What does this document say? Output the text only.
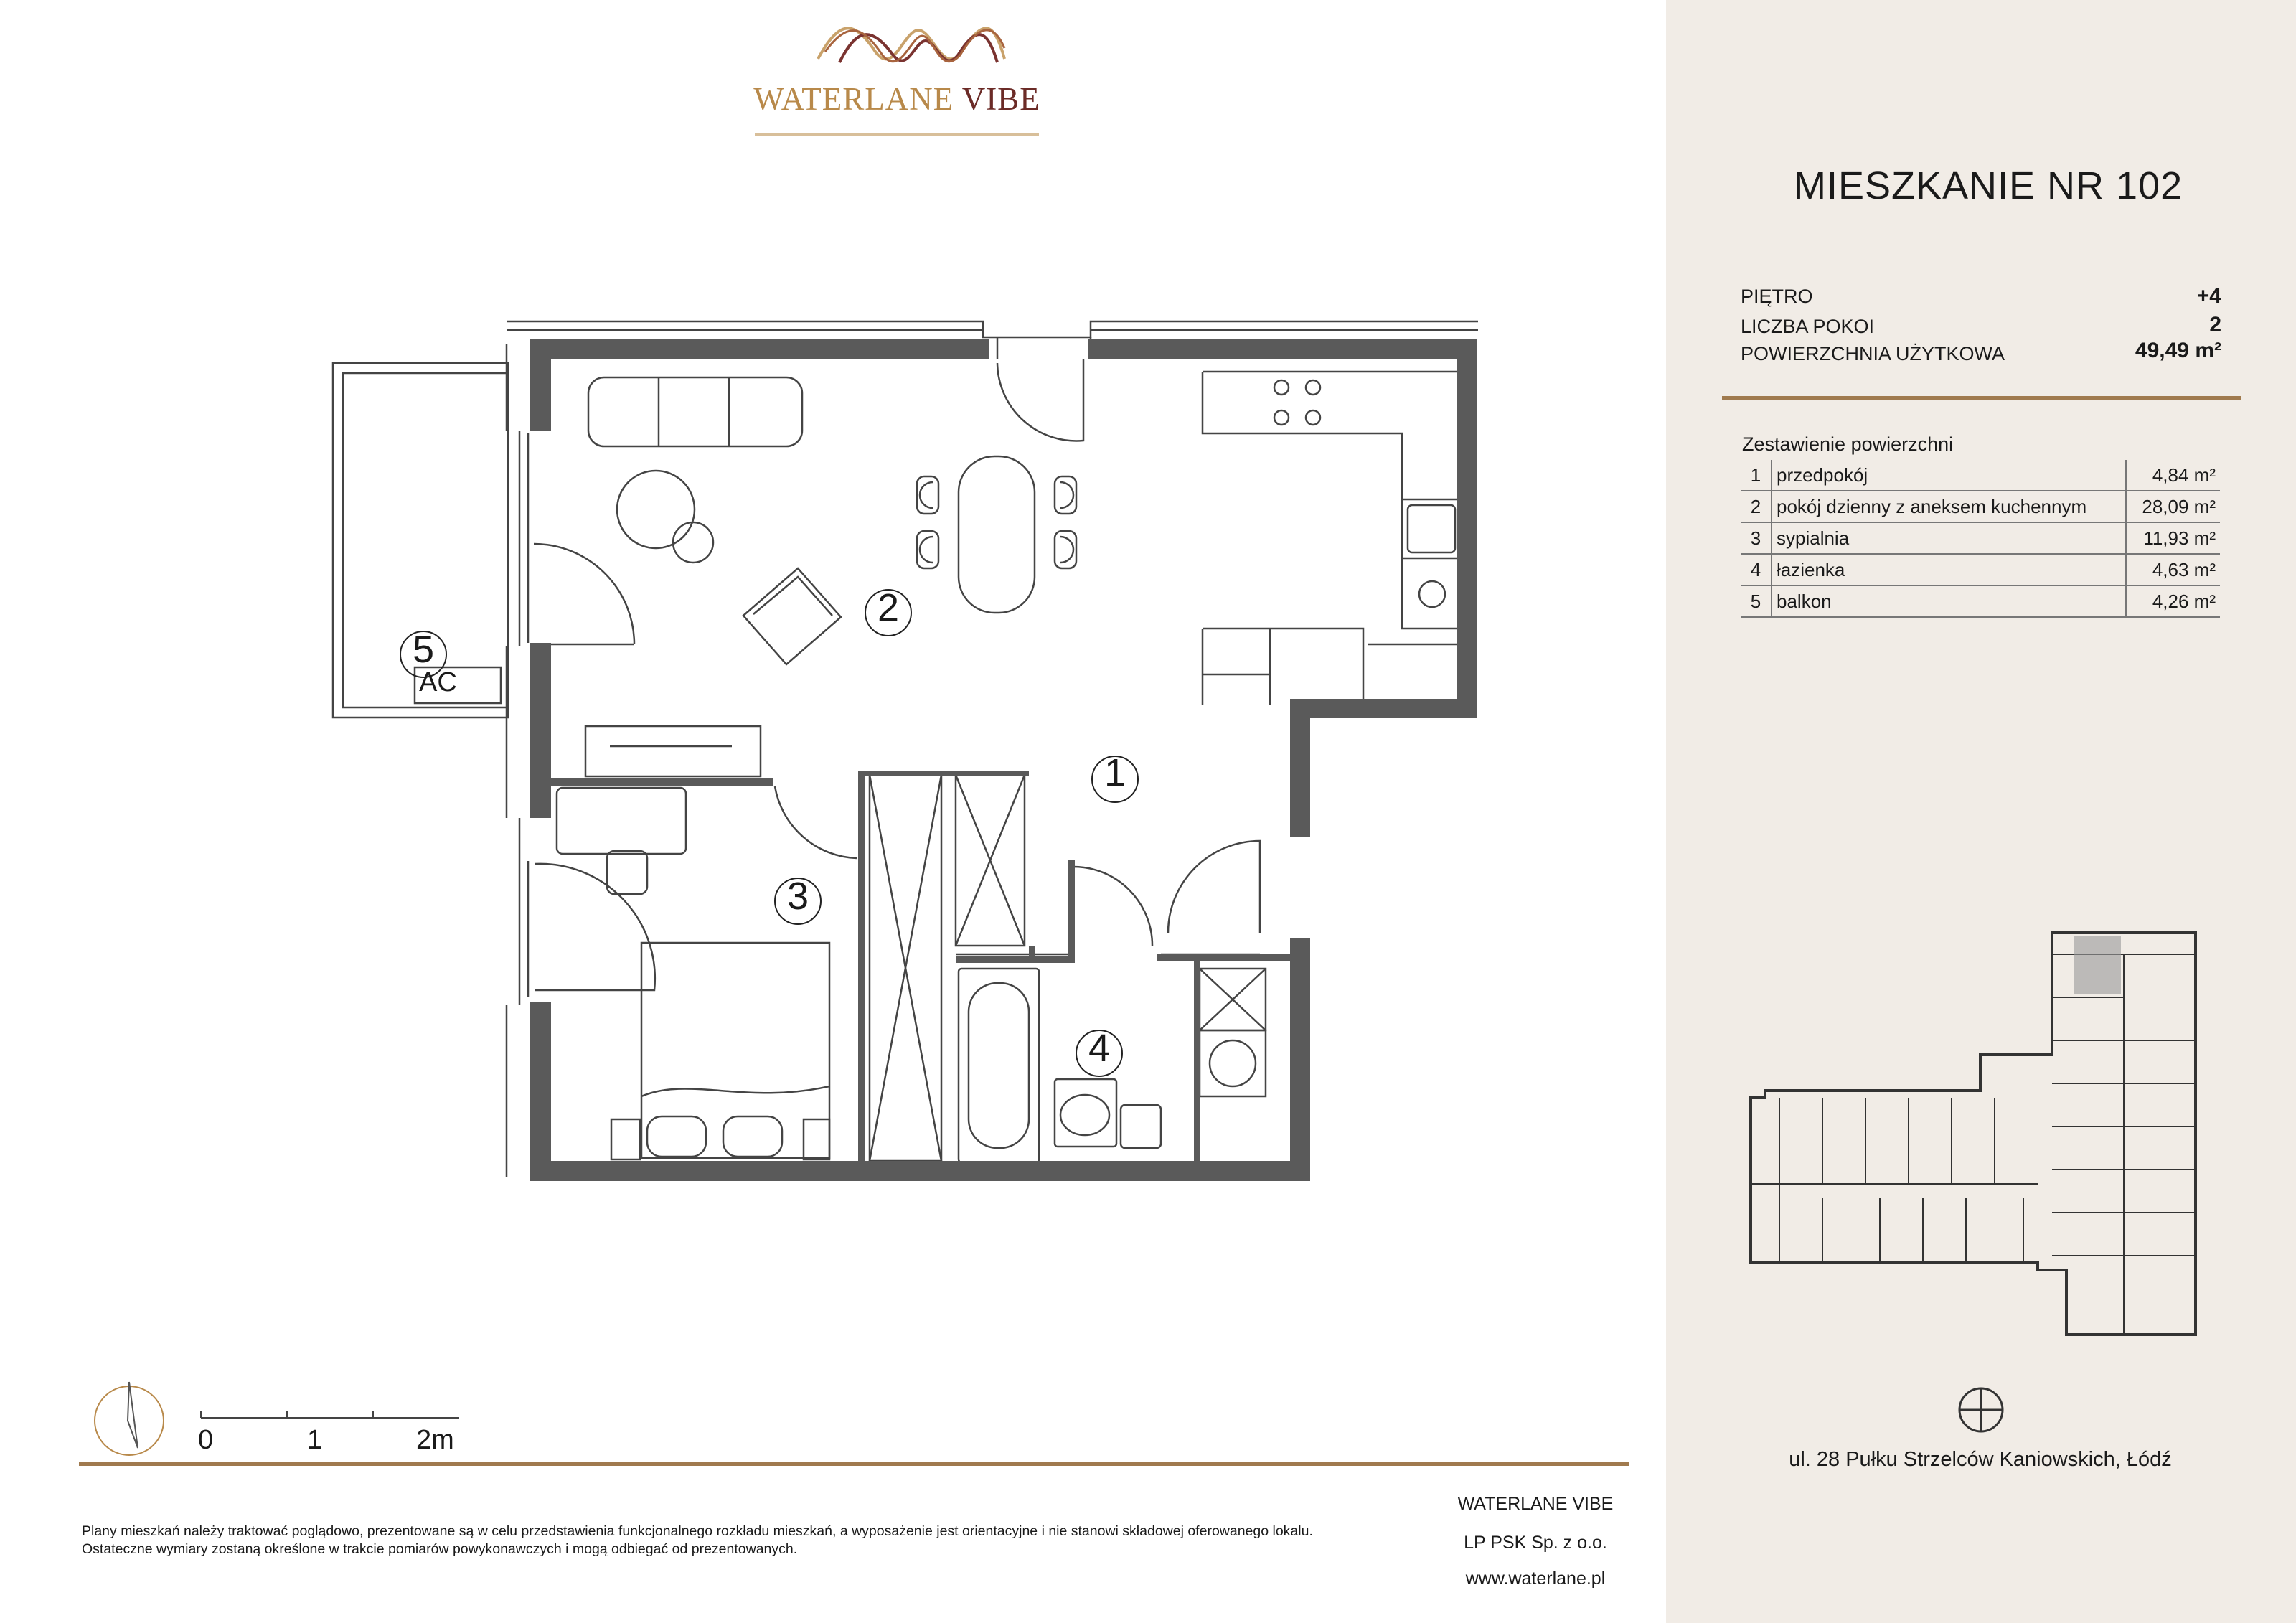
WATERLANE VIBE
1
2
3
4
5
AC
0	1	2m
Plany mieszkań należy traktować poglądowo, prezentowane są w celu przedstawienia funkcjonalnego rozkładu mieszkań, a wyposażenie jest orientacyjne i nie stanowi składowej oferowanego lokalu.
Ostateczne wymiary zostaną określone w trakcie pomiarów powykonawczych i mogą odbiegać od prezentowanych.
WATERLANE VIBE
LP PSK Sp. z o.o.
www.waterlane.pl
MIESZKANIE NR 102
PIĘTRO	+4
LICZBA POKOI	2
POWIERZCHNIA UŻYTKOWA	49,49 m²
Zestawienie powierzchni
1	przedpokój	4,84 m²
2	pokój dzienny z aneksem kuchennym	28,09 m²
3	sypialnia	11,93 m²
4	łazienka	4,63 m²
5	balkon	4,26 m²
ul. 28 Pułku Strzelców Kaniowskich, Łódź
